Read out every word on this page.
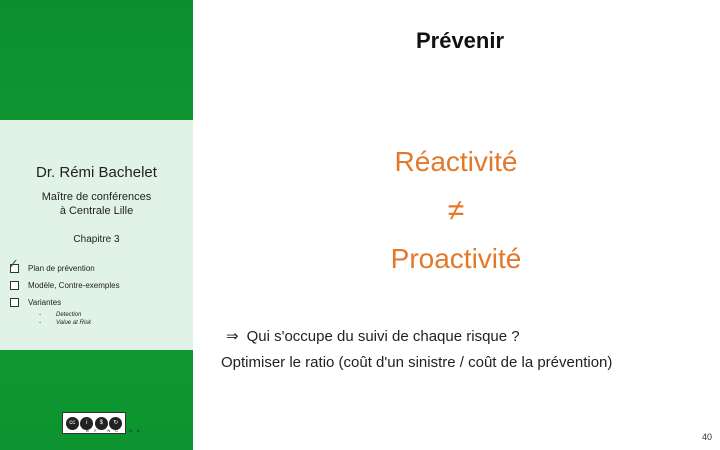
Dr. Rémi Bachelet
Maître de conférences
à Centrale Lille
Chapitre 3
✓ Plan de prévention
Modèle, Contre-exemples
Variantes
-	Detection
-	Value at Risk
cc	i	$	↻
BY NC SA
Prévenir
Réactivité
≠
Proactivité
⇒ Qui s'occupe du suivi de chaque risque ?
Optimiser le ratio (coût d'un sinistre / coût de la prévention)
40
